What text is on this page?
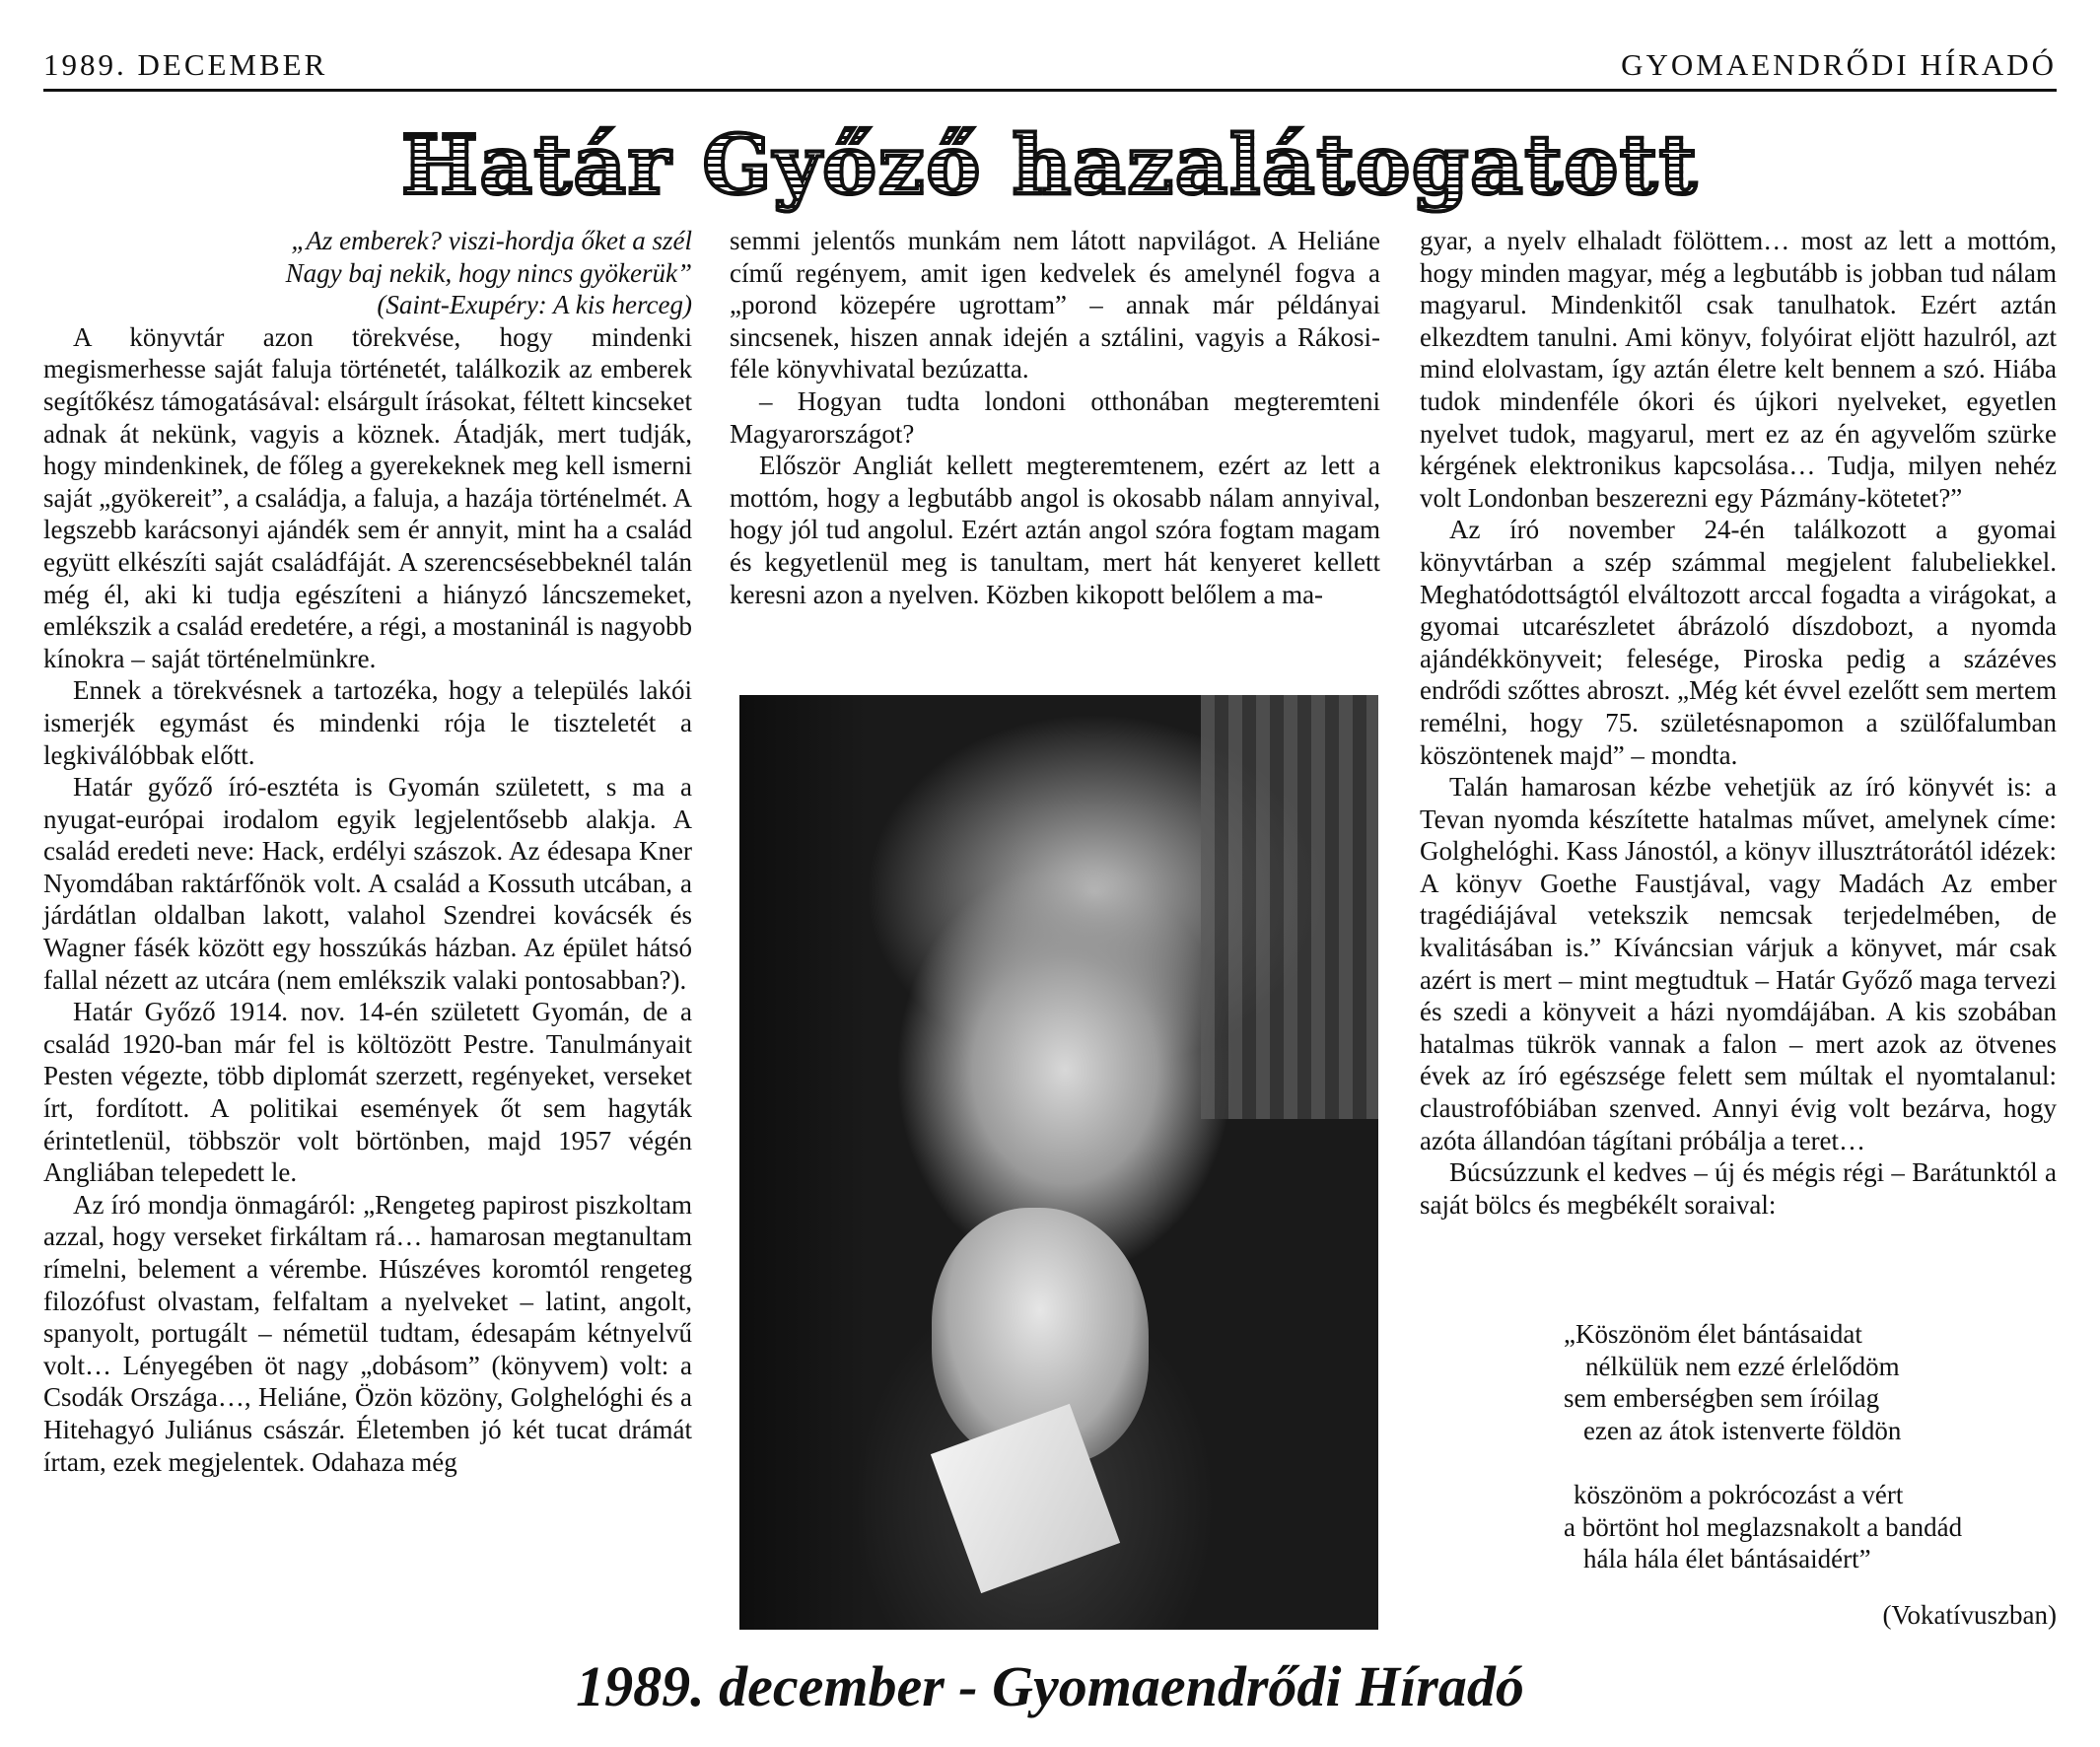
1989. DECEMBER	GYOMAENDRŐDI HÍRADÓ
Határ Győző hazalátogatott
„Az emberek? viszi-hordja őket a szél
Nagy baj nekik, hogy nincs gyökerük”
(Saint-Exupéry: A kis herceg)

A könyvtár azon törekvése, hogy mindenki megismerhesse saját faluja történetét, találkozik az emberek segítőkész támogatásával: elsárgult írásokat, féltett kincseket adnak át nekünk, vagyis a köznek. Átadják, mert tudják, hogy mindenkinek, de főleg a gyerekeknek meg kell ismerni saját „gyökereit”, a családja, a faluja, a hazája történelmét. A legszebb karácsonyi ajándék sem ér annyit, mint ha a család együtt elkészíti saját családfáját. A szerencsésebbeknél talán még él, aki ki tudja egészíteni a hiányzó láncszemeket, emlékszik a család eredetére, a régi, a mostaninál is nagyobb kínokra – saját történelmünkre.

Ennek a törekvésnek a tartozéka, hogy a település lakói ismerjék egymást és mindenki rója le tiszteletét a legkiválóbbak előtt.

Határ győző író-esztéta is Gyomán született, s ma a nyugat-európai irodalom egyik legjelentősebb alakja. A család eredeti neve: Hack, erdélyi szászok. Az édesapa Kner Nyomdában raktárfőnök volt. A család a Kossuth utcában, a járdátlan oldalban lakott, valahol Szendrei kovácsék és Wagner fásék között egy hosszúkás házban. Az épület hátsó fallal nézett az utcára (nem emlékszik valaki pontosabban?).

Határ Győző 1914. nov. 14-én született Gyomán, de a család 1920-ban már fel is költözött Pestre. Tanulmányait Pesten végezte, több diplomát szerzett, regényeket, verseket írt, fordított. A politikai események őt sem hagyták érintetlenül, többször volt börtönben, majd 1957 végén Angliában telepedett le.

Az író mondja önmagáról: „Rengeteg papirost piszkoltam azzal, hogy verseket firkáltam rá… hamarosan megtanultam rímelni, belement a vérembe. Húszéves koromtól rengeteg filozófust olvastam, felfaltam a nyelveket – latint, angolt, spanyolt, portugált – németül tudtam, édesapám kétnyelvű volt… Lényegében öt nagy „dobásom” (könyvem) volt: a Csodák Országa…, Heliáne, Özön közöny, Golghelóghi és a Hitehagyó Juliánus császár. Életemben jó két tucat drámát írtam, ezek megjelentek. Odahaza még

semmi jelentős munkám nem látott napvilágot. A Heliáne című regényem, amit igen kedvelek és amelynél fogva a „porond közepére ugrottam” – annak már példányai sincsenek, hiszen annak idején a sztálini, vagyis a Rákosi-féle könyvhivatal bezúzatta.

– Hogyan tudta londoni otthonában megteremteni Magyarországot?

Először Angliát kellett megteremtenem, ezért az lett a mottóm, hogy a legbutább angol is okosabb nálam annyival, hogy jól tud angolul. Ezért aztán angol szóra fogtam magam és kegyetlenül meg is tanultam, mert hát kenyeret kellett keresni azon a nyelven. Közben kikopott belőlem a ma-

gyar, a nyelv elhaladt fölöttem… most az lett a mottóm, hogy minden magyar, még a legbutább is jobban tud nálam magyarul. Mindenkitől csak tanulhatok. Ezért aztán elkezdtem tanulni. Ami könyv, folyóirat eljött hazulról, azt mind elolvastam, így aztán életre kelt bennem a szó. Hiába tudok mindenféle ókori és újkori nyelveket, egyetlen nyelvet tudok, magyarul, mert ez az én agyvelőm szürke kérgének elektronikus kapcsolása… Tudja, milyen nehéz volt Londonban beszerezni egy Pázmány-kötetet?”

Az író november 24-én találkozott a gyomai könyvtárban a szép számmal megjelent falubeliekkel. Meghatódottságtól elváltozott arccal fogadta a virágokat, a gyomai utcarészletet ábrázoló díszdobozt, a nyomda ajándékkönyveit; felesége, Piroska pedig a százéves endrődi szőttes abroszt. „Még két évvel ezelőtt sem mertem remélni, hogy 75. születésnapomon a szülőfalumban köszöntenek majd” – mondta.

Talán hamarosan kézbe vehetjük az író könyvét is: a Tevan nyomda készítette hatalmas művet, amelynek címe: Golghelóghi. Kass Jánostól, a könyv illusztrátorától idézek: A könyv Goethe Faustjával, vagy Madách Az ember tragédiájával vetekszik nemcsak terjedelmében, de kvalitásában is.” Kíváncsian várjuk a könyvet, már csak azért is mert – mint megtudtuk – Határ Győző maga tervezi és szedi a könyveit a házi nyomdájában. A kis szobában hatalmas tükrök vannak a falon – mert azok az ötvenes évek az író egészsége felett sem múltak el nyomtalanul: claustrofóbiában szenved. Annyi évig volt bezárva, hogy azóta állandóan tágítani próbálja a teret…

Búcsúzzunk el kedves – új és mégis régi – Barátunktól a saját bölcs és megbékélt soraival:

„Köszönöm élet bántásaidat
nélkülük nem ezzé érlelődöm
sem emberségben sem íróilag
ezen az átok istenverte földön
köszönöm a pokrócozást a vért
a börtönt hol meglazsnakolt a bandád
hála hála élet bántásaidért”
(Vokatívuszban)
1989. december - Gyomaendrődi Híradó
